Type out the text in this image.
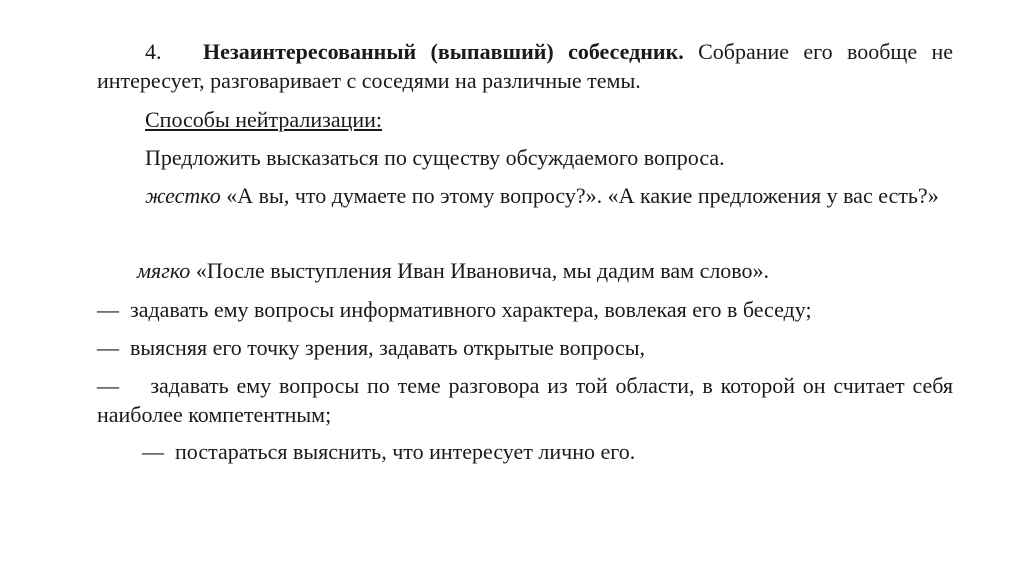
4. Незаинтересованный (выпавший) собеседник. Собрание его вообще не интересует, разговаривает с соседями на различные темы.
Способы нейтрализации:
Предложить высказаться по существу обсуждаемого вопроса.
жестко «А вы, что думаете по этому вопросу?». «А какие предложения у вас есть?»
мягко «После выступления Иван Ивановича, мы дадим вам слово».
— задавать ему вопросы информативного характера, вовлекая его в беседу;
— выясняя его точку зрения, задавать открытые вопросы,
— задавать ему вопросы по теме разговора из той области, в которой он считает себя наиболее компетентным;
— постараться выяснить, что интересует лично его.
